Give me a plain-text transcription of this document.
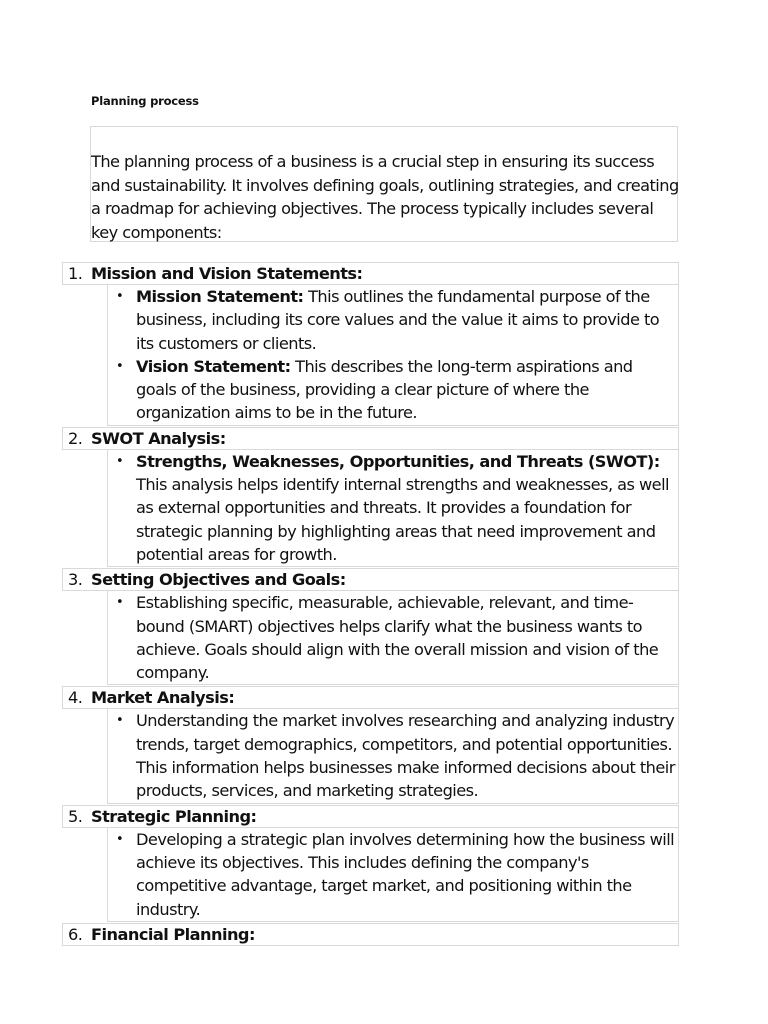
Planning process

The planning process of a business is a crucial step in ensuring its success and sustainability. It involves defining goals, outlining strategies, and creating a roadmap for achieving objectives. The process typically includes several key components:

1. Mission and Vision Statements:
• Mission Statement: This outlines the fundamental purpose of the business, including its core values and the value it aims to provide to its customers or clients.
• Vision Statement: This describes the long-term aspirations and goals of the business, providing a clear picture of where the organization aims to be in the future.
2. SWOT Analysis:
• Strengths, Weaknesses, Opportunities, and Threats (SWOT): This analysis helps identify internal strengths and weaknesses, as well as external opportunities and threats. It provides a foundation for strategic planning by highlighting areas that need improvement and potential areas for growth.
3. Setting Objectives and Goals:
• Establishing specific, measurable, achievable, relevant, and time-bound (SMART) objectives helps clarify what the business wants to achieve. Goals should align with the overall mission and vision of the company.
4. Market Analysis:
• Understanding the market involves researching and analyzing industry trends, target demographics, competitors, and potential opportunities. This information helps businesses make informed decisions about their products, services, and marketing strategies.
5. Strategic Planning:
• Developing a strategic plan involves determining how the business will achieve its objectives. This includes defining the company's competitive advantage, target market, and positioning within the industry.
6. Financial Planning:
